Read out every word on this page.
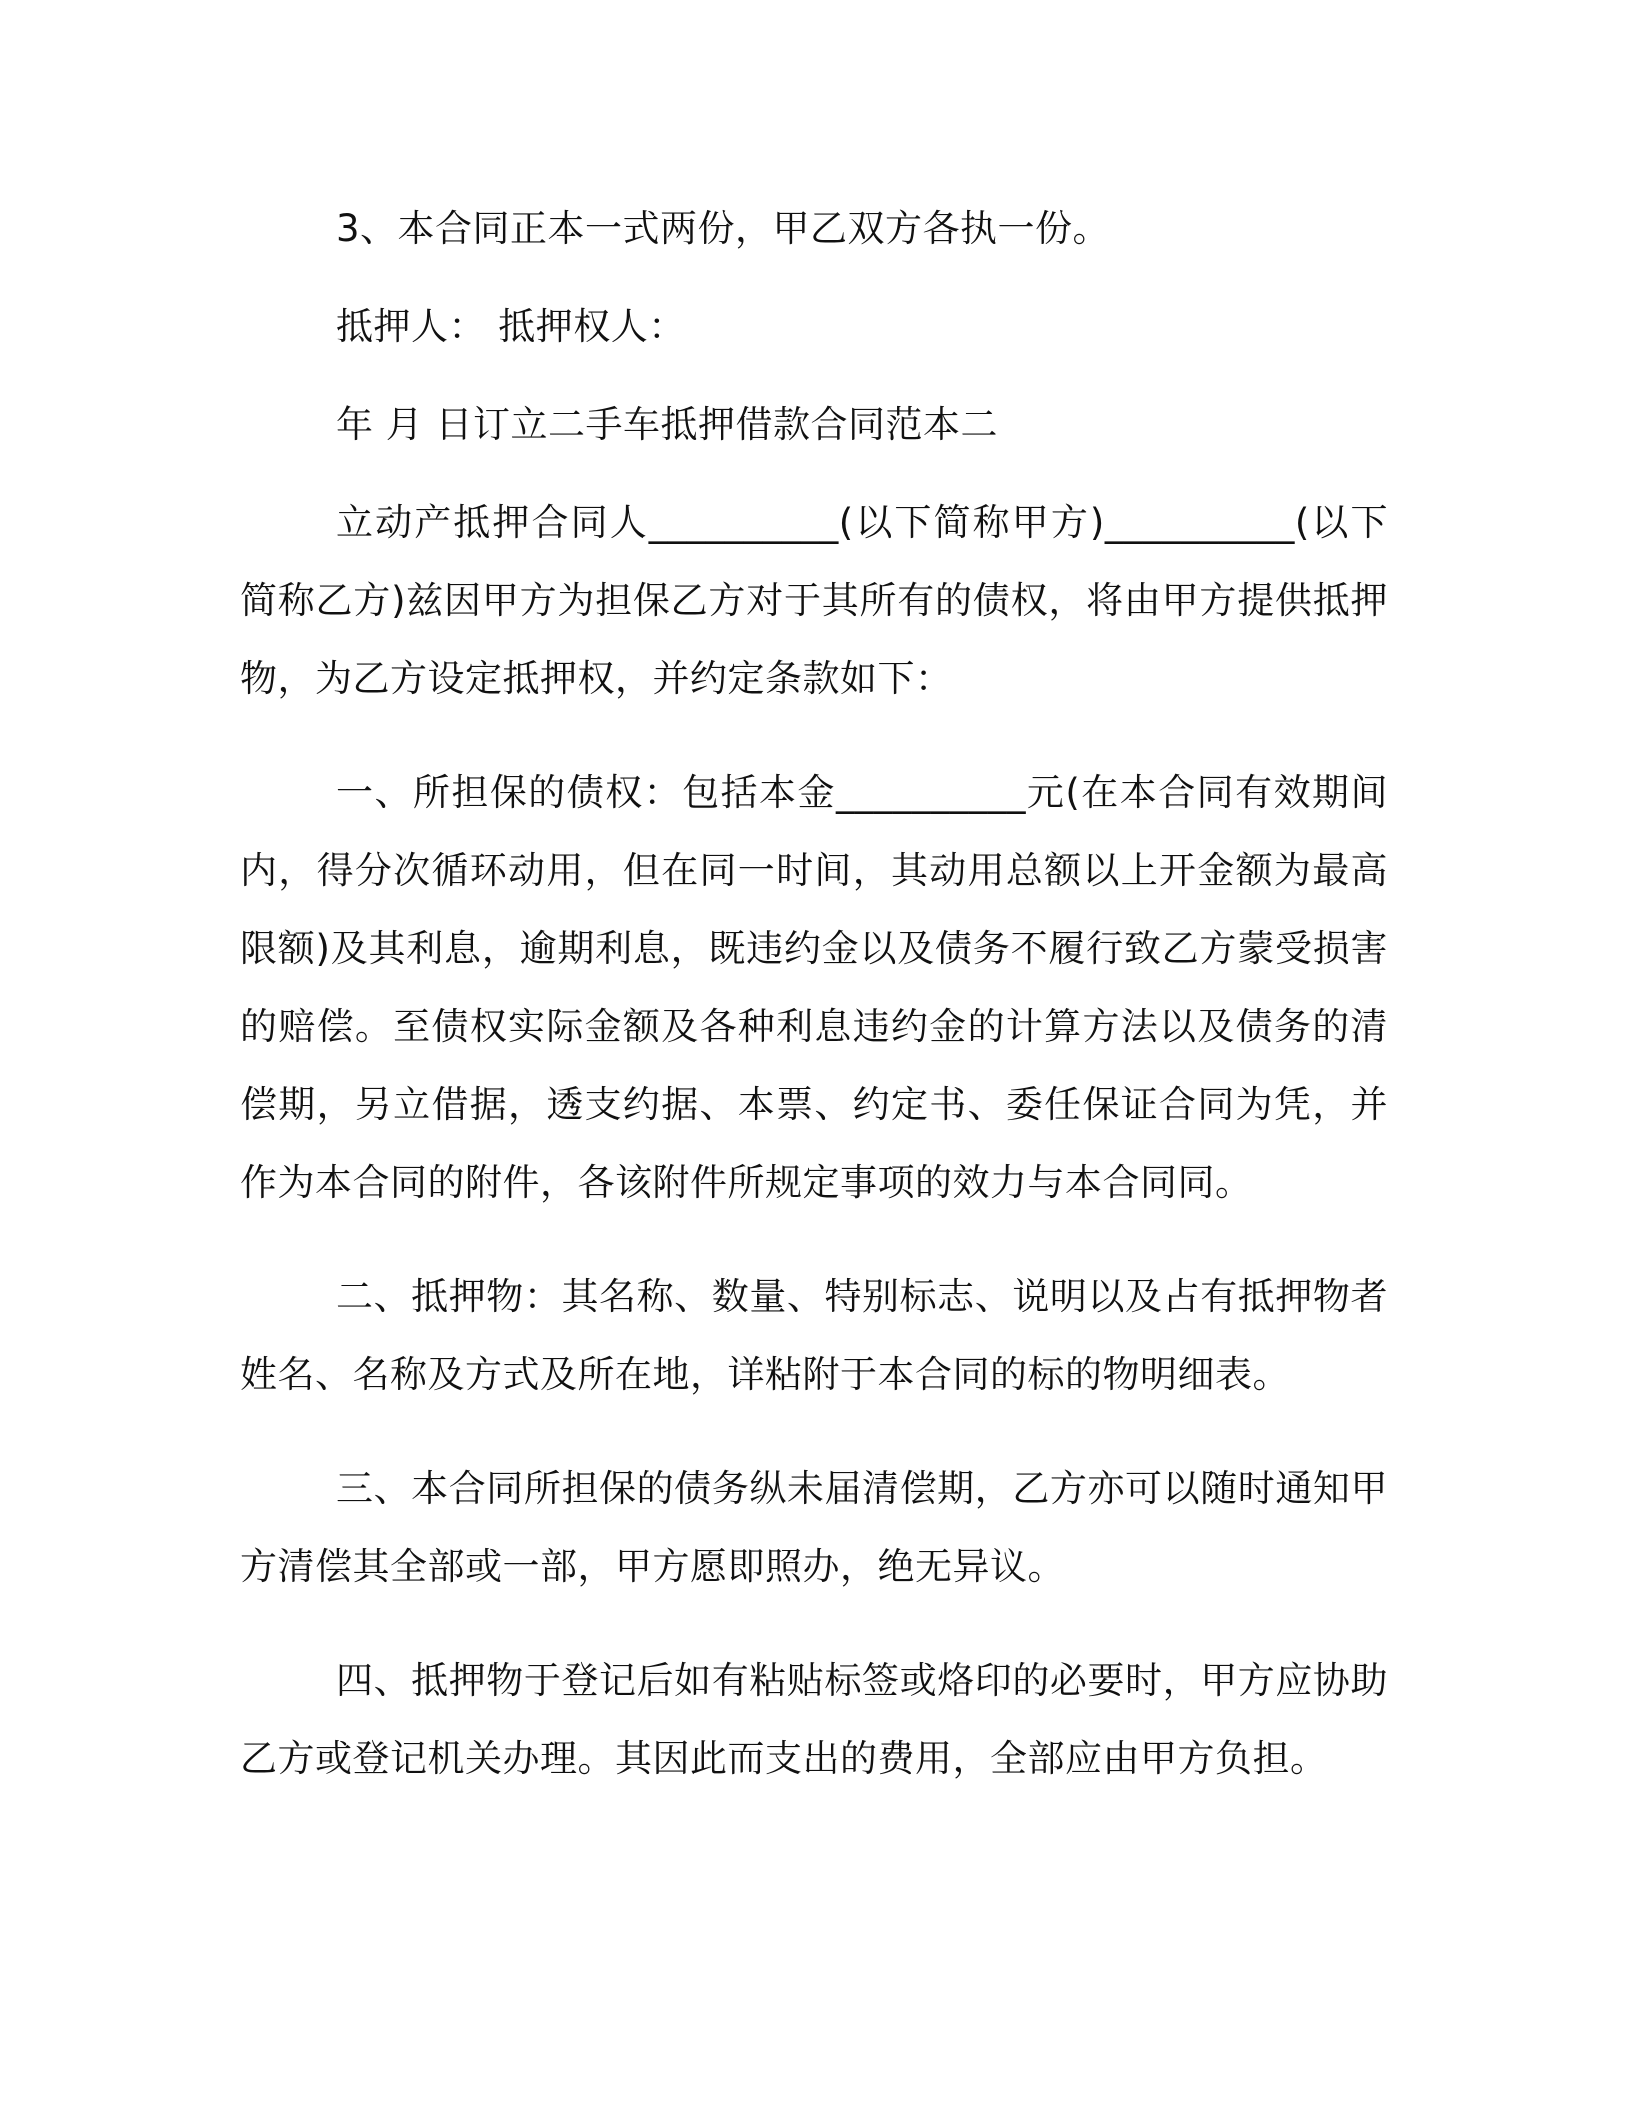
3、本合同正本一式两份，甲乙双方各执一份。

抵押人： 抵押权人：

年 月 日订立二手车抵押借款合同范本二

立动产抵押合同人__________(以下简称甲方)__________(以下简称乙方)兹因甲方为担保乙方对于其所有的债权，将由甲方提供抵押物，为乙方设定抵押权，并约定条款如下：

一、所担保的债权：包括本金__________元(在本合同有效期间内，得分次循环动用，但在同一时间，其动用总额以上开金额为最高限额)及其利息，逾期利息，既违约金以及债务不履行致乙方蒙受损害的赔偿。至债权实际金额及各种利息违约金的计算方法以及债务的清偿期，另立借据，透支约据、本票、约定书、委任保证合同为凭，并作为本合同的附件，各该附件所规定事项的效力与本合同同。

二、抵押物：其名称、数量、特别标志、说明以及占有抵押物者姓名、名称及方式及所在地，详粘附于本合同的标的物明细表。

三、本合同所担保的债务纵未届清偿期，乙方亦可以随时通知甲方清偿其全部或一部，甲方愿即照办，绝无异议。

四、抵押物于登记后如有粘贴标签或烙印的必要时，甲方应协助乙方或登记机关办理。其因此而支出的费用，全部应由甲方负担。
